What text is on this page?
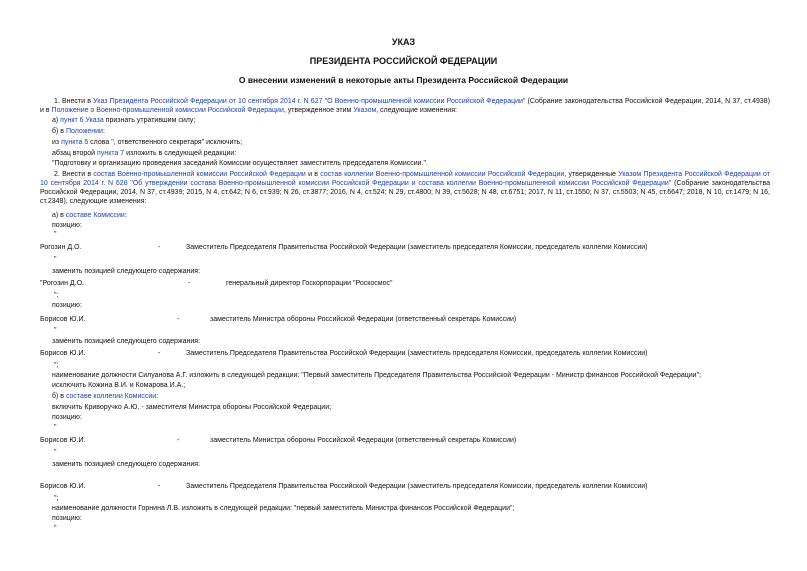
УКАЗ
ПРЕЗИДЕНТА РОССИЙСКОЙ ФЕДЕРАЦИИ
О внесении изменений в некоторые акты Президента Российской Федерации
1. Внести в Указ Президента Российской Федерации от 10 сентября 2014 г. N 627 "О Военно-промышленной комиссии Российской Федерации" (Собрание законодательства Российской Федерации, 2014, N 37, ст.4938) и в Положение о Военно-промышленной комиссии Российской Федерации, утвержденное этим Указом, следующие изменения:
а) пункт 6 Указа признать утратившим силу;
б) в Положении:
из пункта 5 слова ", ответственного секретаря" исключить;
абзац второй пункта 7 изложить в следующей редакции:
"Подготовку и организацию проведения заседаний Комиссии осуществляет заместитель председателя Комиссии.".
2. Внести в состав Военно-промышленной комиссии Российской Федерации и в состав коллегии Военно-промышленной комиссии Российской Федерации, утвержденные Указом Президента Российской Федерации от 10 сентября 2014 г. N 628 "Об утверждении состава Военно-промышленной комиссии Российской Федерации и состава коллегии Военно-промышленной комиссии Российской Федерации" (Собрание законодательства Российской Федерации, 2014, N 37, ст.4939; 2015, N 4, ст.642; N 6, ст.939; N 26, ст.3877; 2016, N 4, ст.524; N 29, ст.4800; N 39, ст.5628; N 48, ст.6751; 2017, N 11, ст.1550; N 37, ст.5503; N 45, ст.6647; 2018, N 10, ст.1479; N 16, ст.2348), следующие изменения:
а) в составе Комиссии:
позицию:
"
Рогозин Д.О.	-	Заместитель Председателя Правительства Российской Федерации (заместитель председателя Комиссии, председатель коллегии Комиссии)
"
заменить позицией следующего содержания:
"Рогозин Д.О.	-	генеральный директор Госкорпорации "Роскосмос"
";
позицию:
Борисов Ю.И.	-	заместитель Министра обороны Российской Федерации (ответственный секретарь Комиссии)
"
заменить позицией следующего содержания:
Борисов Ю.И.	-	Заместитель Председателя Правительства Российской Федерации (заместитель председателя Комиссии, председатель коллегии Комиссии)
";
наименование должности Силуанова А.Г. изложить в следующей редакции: "Первый заместитель Председателя Правительства Российской Федерации - Министр финансов Российской Федерации";
исключить Кожина В.И. и Комарова И.А.;
б) в составе коллегии Комиссии:
включить Криворучко А.Ю. - заместителя Министра обороны Российской Федерации;
позицию:
"
Борисов Ю.И.	-	заместитель Министра обороны Российской Федерации (ответственный секретарь Комиссии)
"
заменить позицией следующего содержания:
Борисов Ю.И.	-	Заместитель Председателя Правительства Российской Федерации (заместитель председателя Комиссии, председатель коллегии Комиссии)
";
наименование должности Горнина Л.В. изложить в следующей редакции: "первый заместитель Министра финансов Российской Федерации";
позицию:
"
